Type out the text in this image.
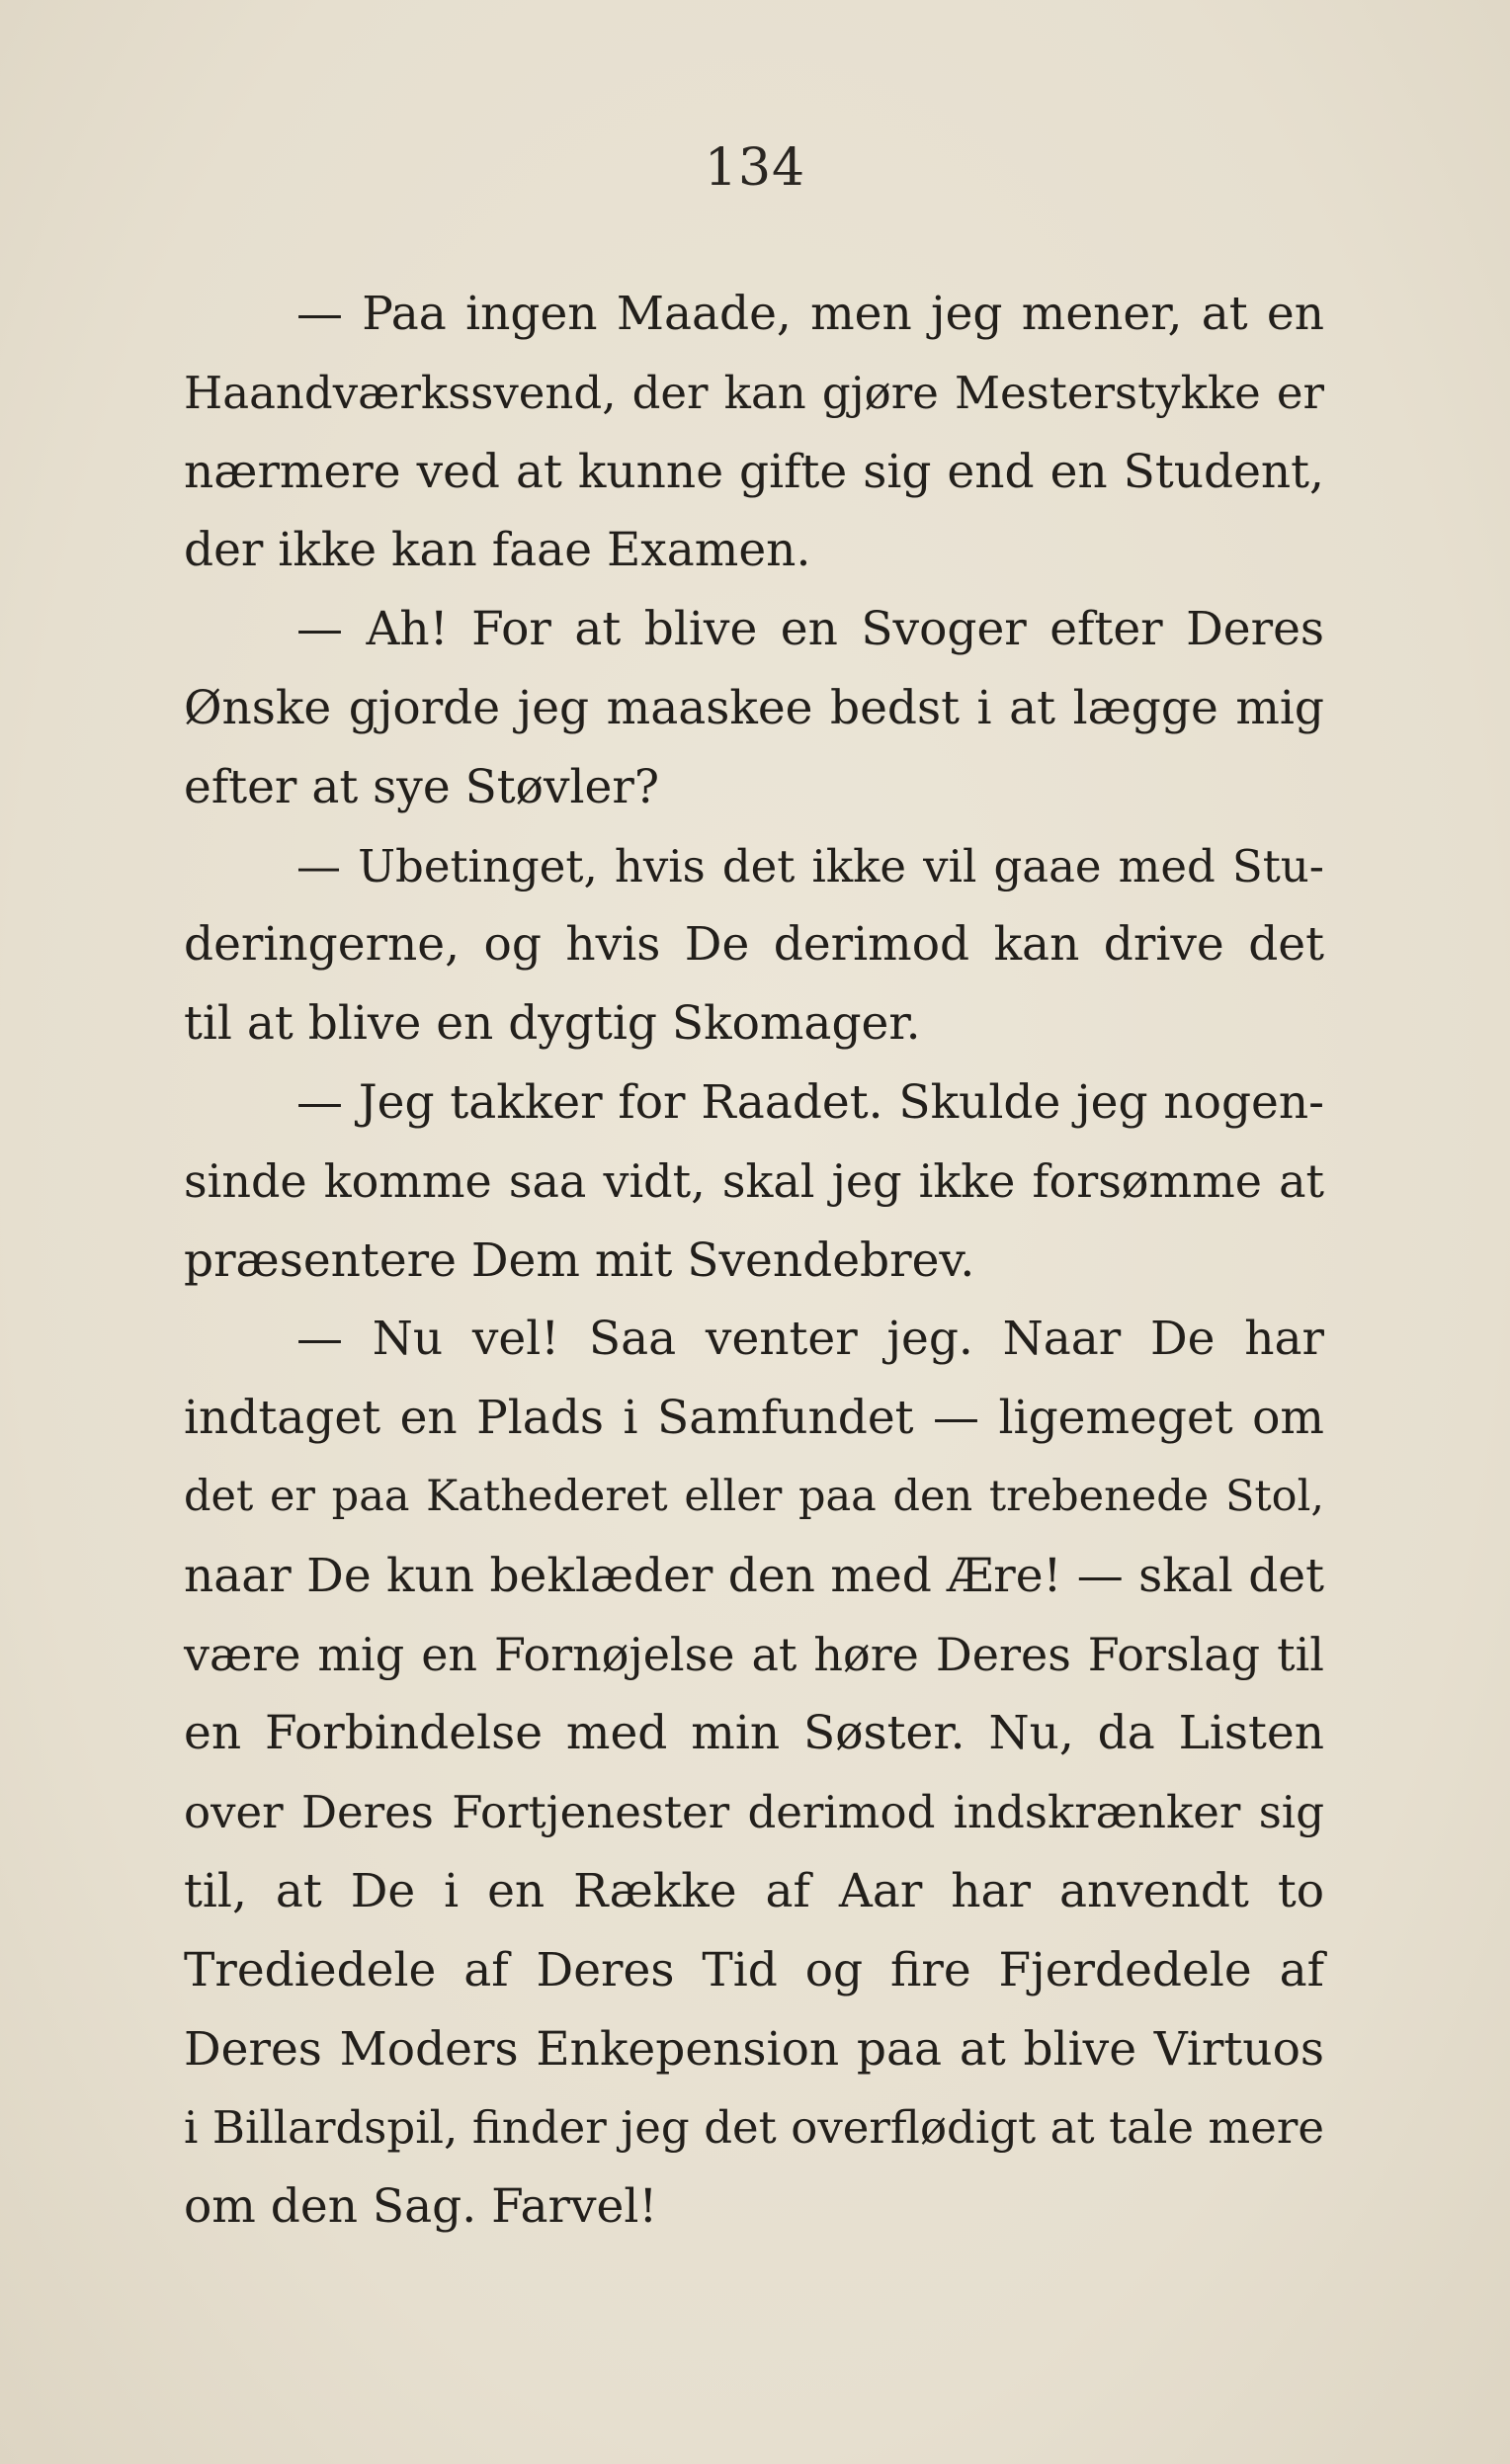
134
— Paa ingen Maade, men jeg mener, at en
Haandværkssvend, der kan gjøre Mesterstykke er
nærmere ved at kunne gifte sig end en Student,
der ikke kan faae Examen.
— Ah! For at blive en Svoger efter Deres
Ønske gjorde jeg maaskee bedst i at lægge mig
efter at sye Støvler?
— Ubetinget, hvis det ikke vil gaae med Stu-
deringerne, og hvis De derimod kan drive det
til at blive en dygtig Skomager.
— Jeg takker for Raadet. Skulde jeg nogen-
sinde komme saa vidt, skal jeg ikke forsømme at
præsentere Dem mit Svendebrev.
— Nu vel! Saa venter jeg. Naar De har
indtaget en Plads i Samfundet — ligemeget om
det er paa Kathederet eller paa den trebenede Stol,
naar De kun beklæder den med Ære! — skal det
være mig en Fornøjelse at høre Deres Forslag til
en Forbindelse med min Søster. Nu, da Listen
over Deres Fortjenester derimod indskrænker sig
til, at De i en Række af Aar har anvendt to
Trediedele af Deres Tid og fire Fjerdedele af
Deres Moders Enkepension paa at blive Virtuos
i Billardspil, finder jeg det overflødigt at tale mere
om den Sag. Farvel!
